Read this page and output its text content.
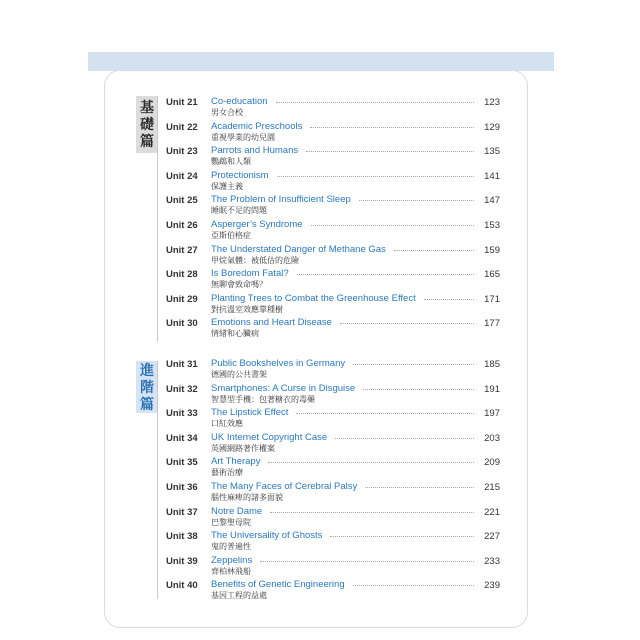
基
礎
篇
進
階
篇
Unit 21 Co-education
男女合校
123
Unit 22 Academic Preschools
重視學業的幼兒園
129
Unit 23 Parrots and Humans
鸚鵡和人類
135
Unit 24 Protectionism
保護主義
141
Unit 25 The Problem of Insufficient Sleep
睡眠不足的問題
147
Unit 26 Asperger’s Syndrome
亞斯伯格症
153
Unit 27 The Understated Danger of Methane Gas
甲烷氣體：被低估的危險
159
Unit 28 Is Boredom Fatal?
無聊會致命嗎？
165
Unit 29 Planting Trees to Combat the Greenhouse Effect
對抗溫室效應靠種樹
171
Unit 30 Emotions and Heart Disease
情緒和心臟病
177
Unit 31 Public Bookshelves in Germany
德國的公共書架
185
Unit 32 Smartphones: A Curse in Disguise
智慧型手機：包著糖衣的毒藥
191
Unit 33 The Lipstick Effect
口紅效應
197
Unit 34 UK Internet Copyright Case
英國網路著作權案
203
Unit 35 Art Therapy
藝術治療
209
Unit 36 The Many Faces of Cerebral Palsy
腦性麻痺的諸多面貌
215
Unit 37 Notre Dame
巴黎聖母院
221
Unit 38 The Universality of Ghosts
鬼的普遍性
227
Unit 39 Zeppelins
齊柏林飛船
233
Unit 40 Benefits of Genetic Engineering
基因工程的益處
239
